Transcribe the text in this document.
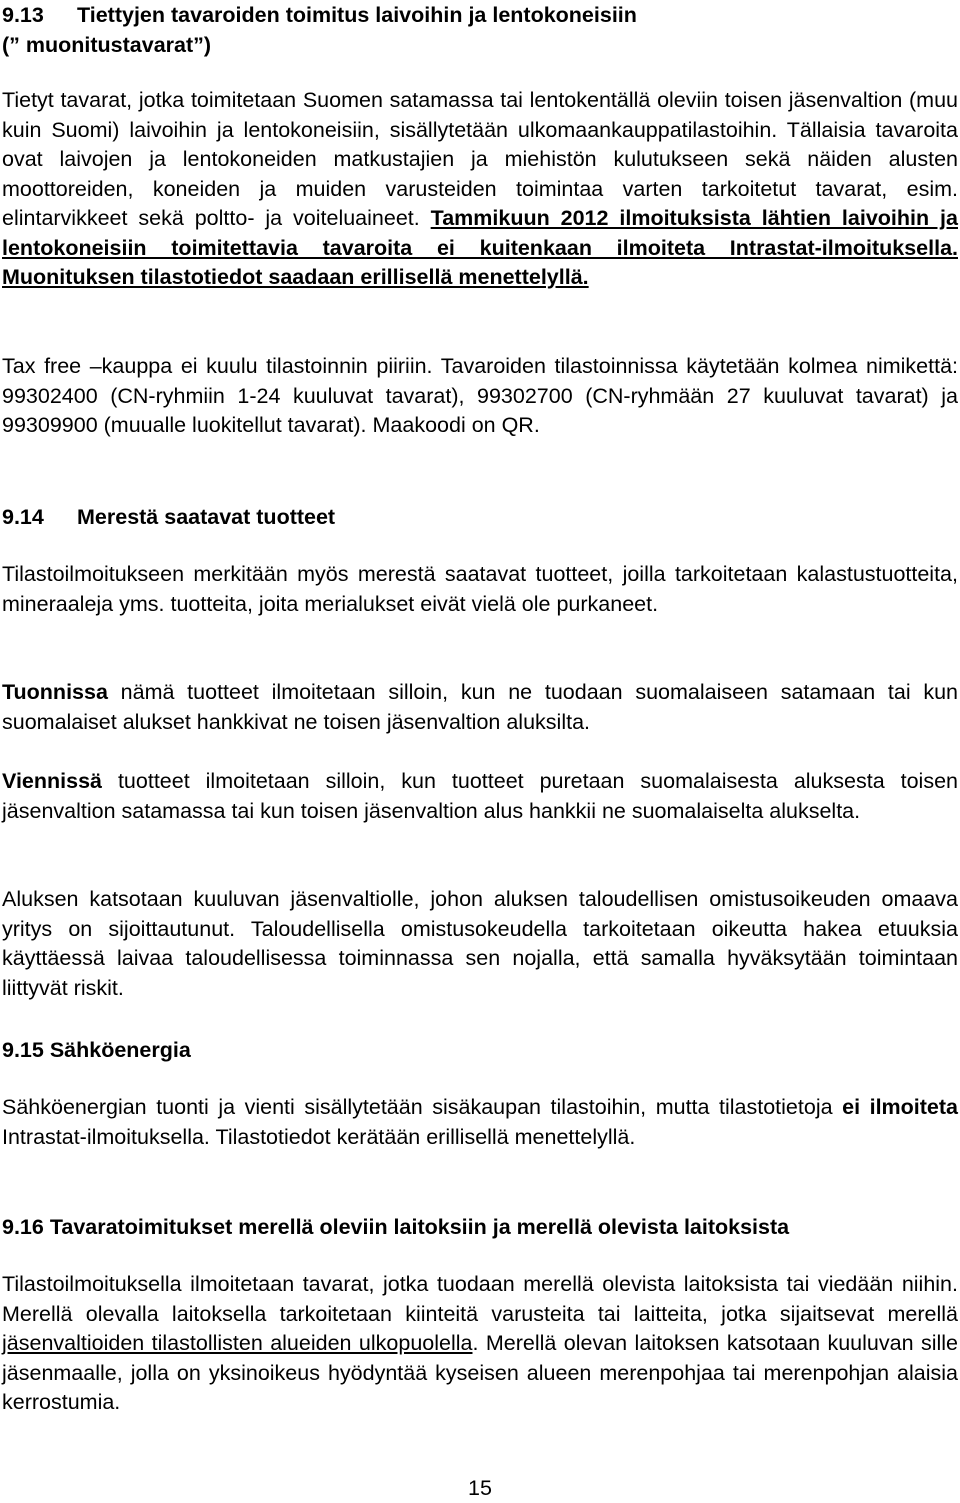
9.13 Tiettyjen tavaroiden toimitus laivoihin ja lentokoneisiin
(” muonitustavarat”)

Tietyt tavarat, jotka toimitetaan Suomen satamassa tai lentokentällä oleviin toisen jäsenvaltion (muu kuin Suomi) laivoihin ja lentokoneisiin, sisällytetään ulkomaankauppatilastoihin. Tällaisia tavaroita ovat laivojen ja lentokoneiden matkustajien ja miehistön kulutukseen sekä näiden alusten moottoreiden, koneiden ja muiden varusteiden toimintaa varten tarkoitetut tavarat, esim. elintarvikkeet sekä poltto- ja voiteluaineet. Tammikuun 2012 ilmoituksista lähtien laivoihin ja lentokoneisiin toimitettavia tavaroita ei kuitenkaan ilmoiteta Intrastat-ilmoituksella. Muonituksen tilastotiedot saadaan erillisellä menettelyllä.

Tax free –kauppa ei kuulu tilastoinnin piiriin. Tavaroiden tilastoinnissa käytetään kolmea nimikettä: 99302400 (CN-ryhmiin 1-24 kuuluvat tavarat), 99302700 (CN-ryhmään 27 kuuluvat tavarat) ja 99309900 (muualle luokitellut tavarat). Maakoodi on QR.

9.14 Merestä saatavat tuotteet

Tilastoilmoitukseen merkitään myös merestä saatavat tuotteet, joilla tarkoitetaan kalastustuotteita, mineraaleja yms. tuotteita, joita merialukset eivät vielä ole purkaneet.

Tuonnissa nämä tuotteet ilmoitetaan silloin, kun ne tuodaan suomalaiseen satamaan tai kun suomalaiset alukset hankkivat ne toisen jäsenvaltion aluksilta.

Viennissä tuotteet ilmoitetaan silloin, kun tuotteet puretaan suomalaisesta aluksesta toisen jäsenvaltion satamassa tai kun toisen jäsenvaltion alus hankkii ne suomalaiselta alukselta.

Aluksen katsotaan kuuluvan jäsenvaltiolle, johon aluksen taloudellisen omistusoikeuden omaava yritys on sijoittautunut. Taloudellisella omistusokeudella tarkoitetaan oikeutta hakea etuuksia käyttäessä laivaa taloudellisessa toiminnassa sen nojalla, että samalla hyväksytään toimintaan liittyvät riskit.

9.15 Sähköenergia

Sähköenergian tuonti ja vienti sisällytetään sisäkaupan tilastoihin, mutta tilastotietoja ei ilmoiteta Intrastat-ilmoituksella. Tilastotiedot kerätään erillisellä menettelyllä.

9.16 Tavaratoimitukset merellä oleviin laitoksiin ja merellä olevista laitoksista

Tilastoilmoituksella ilmoitetaan tavarat, jotka tuodaan merellä olevista laitoksista tai viedään niihin. Merellä olevalla laitoksella tarkoitetaan kiinteitä varusteita tai laitteita, jotka sijaitsevat merellä jäsenvaltioiden tilastollisten alueiden ulkopuolella. Merellä olevan laitoksen katsotaan kuuluvan sille jäsenmaalle, jolla on yksinoikeus hyödyntää kyseisen alueen merenpohjaa tai merenpohjan alaisia kerrostumia.

15
